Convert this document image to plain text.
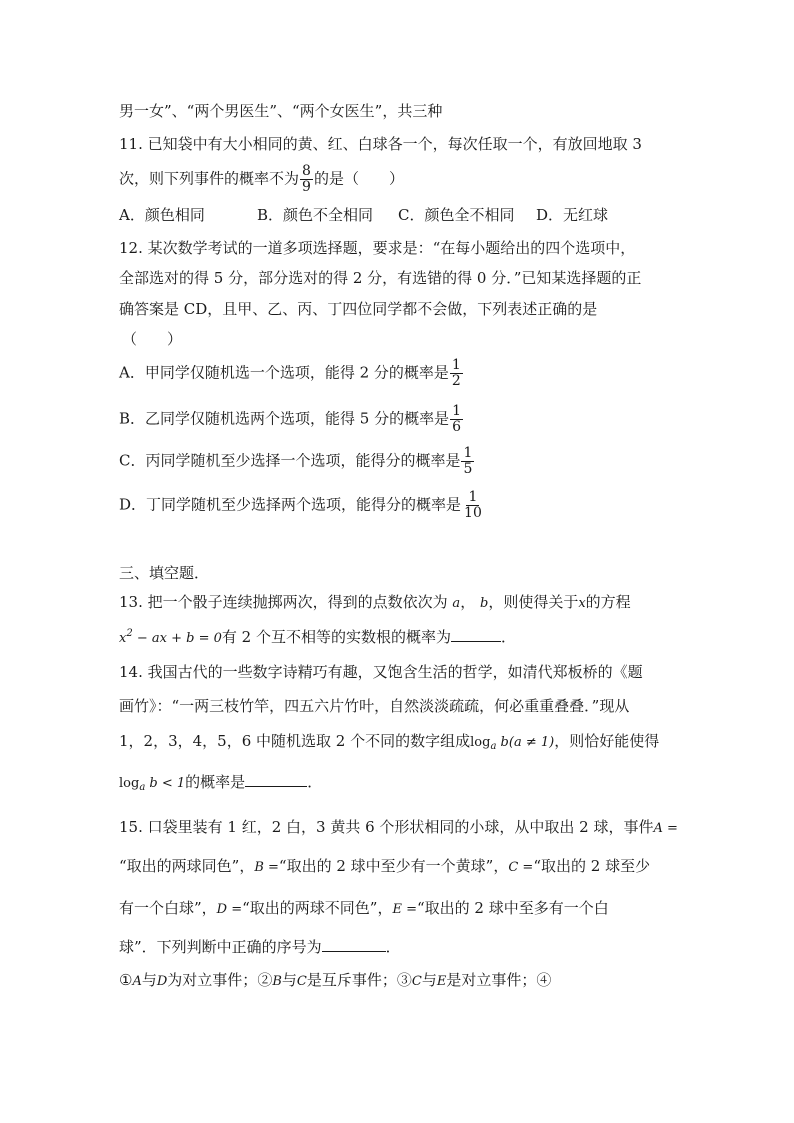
男一女”、“两个男医生”、“两个女医生”，共三种
11. 已知袋中有大小相同的黄、红、白球各一个，每次任取一个，有放回地取 3
次，则下列事件的概率不为 $\frac{8}{9}$ 的是（　　）
A．颜色相同	B．颜色不全相同 C．颜色全不相同 D．无红球
12. 某次数学考试的一道多项选择题，要求是：“在每小题给出的四个选项中，
全部选对的得 5 分，部分选对的得 2 分，有选错的得 0 分．”已知某选择题的正
确答案是 CD，且甲、乙、丙、丁四位同学都不会做，下列表述正确的是
（　　）
A．甲同学仅随机选一个选项，能得 2 分的概率是 $\frac{1}{2}$
B．乙同学仅随机选两个选项，能得 5 分的概率是 $\frac{1}{6}$
C．丙同学随机至少选择一个选项，能得分的概率是 $\frac{1}{5}$
D．丁同学随机至少选择两个选项，能得分的概率是 $\frac{1}{10}$
三、填空题．
13. 把一个骰子连续抛掷两次，得到的点数依次为 a， b，则使得关于x的方程
$x^2$ − ax + b = 0有 2 个互不相等的实数根的概率为	．
14. 我国古代的一些数字诗精巧有趣，又饱含生活的哲学，如清代郑板桥的《题
画竹》：“一两三枝竹竿，四五六片竹叶，自然淡淡疏疏，何必重重叠叠．”现从
1，2，3，4，5，6 中随机选取 2 个不同的数字组成$\log_a b(a \ne 1)$，则恰好能使得
$\log_a b < 1$的概率是	．
15. 口袋里装有 1 红，2 白，3 黄共 6 个形状相同的小球，从中取出 2 球，事件A =
“取出的两球同色”，B =“取出的 2 球中至少有一个黄球”，C =“取出的 2 球至少
有一个白球”，D =“取出的两球不同色”，E =“取出的 2 球中至多有一个白
球”．下列判断中正确的序号为	．
①A与D为对立事件；②B与C是互斥事件；③C与E是对立事件；④
